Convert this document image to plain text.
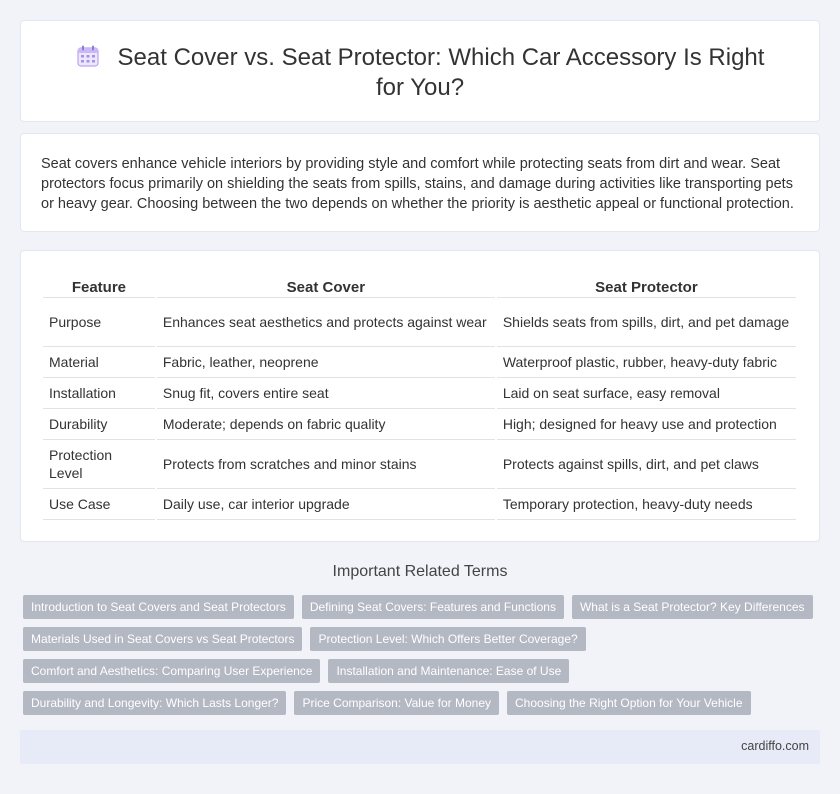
Seat Cover vs. Seat Protector: Which Car Accessory Is Right for You?

Seat covers enhance vehicle interiors by providing style and comfort while protecting seats from dirt and wear. Seat protectors focus primarily on shielding the seats from spills, stains, and damage during activities like transporting pets or heavy gear. Choosing between the two depends on whether the priority is aesthetic appeal or functional protection.

Feature	Seat Cover	Seat Protector
Purpose	Enhances seat aesthetics and protects against wear	Shields seats from spills, dirt, and pet damage
Material	Fabric, leather, neoprene	Waterproof plastic, rubber, heavy-duty fabric
Installation	Snug fit, covers entire seat	Laid on seat surface, easy removal
Durability	Moderate; depends on fabric quality	High; designed for heavy use and protection
Protection Level	Protects from scratches and minor stains	Protects against spills, dirt, and pet claws
Use Case	Daily use, car interior upgrade	Temporary protection, heavy-duty needs
Important Related Terms
Introduction to Seat Covers and Seat Protectors	Defining Seat Covers: Features and Functions	What is a Seat Protector? Key Differences
Materials Used in Seat Covers vs Seat Protectors	Protection Level: Which Offers Better Coverage?
Comfort and Aesthetics: Comparing User Experience	Installation and Maintenance: Ease of Use
Durability and Longevity: Which Lasts Longer?	Price Comparison: Value for Money	Choosing the Right Option for Your Vehicle
cardiffo.com
